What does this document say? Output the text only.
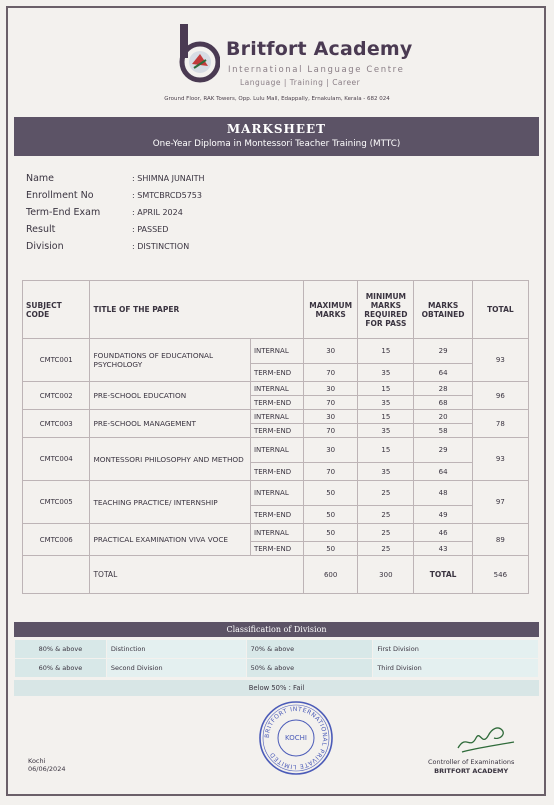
Britfort Academy
International Language Centre
Language | Training | Career
Ground Floor, RAK Towers, Opp. Lulu Mall, Edappally, Ernakulam, Kerala - 682 024
MARKSHEET
One-Year Diploma in Montessori Teacher Training (MTTC)
Name	: SHIMNA JUNAITH
Enrollment No	: SMTCBRCD5753
Term-End Exam	: APRIL 2024
Result	: PASSED
Division	: DISTINCTION
SUBJECT CODE	TITLE OF THE PAPER		MAXIMUM MARKS	MINIMUM MARKS REQUIRED FOR PASS	MARKS OBTAINED	TOTAL
CMTC001	FOUNDATIONS OF EDUCATIONAL PSYCHOLOGY	INTERNAL	30	15	29	93
		TERM-END	70	35	64	
CMTC002	PRE-SCHOOL EDUCATION	INTERNAL	30	15	28	96
		TERM-END	70	35	68	
CMTC003	PRE-SCHOOL MANAGEMENT	INTERNAL	30	15	20	78
		TERM-END	70	35	58	
CMTC004	MONTESSORI PHILOSOPHY AND METHOD	INTERNAL	30	15	29	93
		TERM-END	70	35	64	
CMTC005	TEACHING PRACTICE/ INTERNSHIP	INTERNAL	50	25	48	97
		TERM-END	50	25	49	
CMTC006	PRACTICAL EXAMINATION VIVA VOCE	INTERNAL	50	25	46	89
		TERM-END	50	25	43	
	TOTAL		600	300	TOTAL	546
Classification of Division
80% & above	Distinction	70% & above	First Division
60% & above	Second Division	50% & above	Third Division
Below 50% : Fail
BRITFORT INTERNATIONAL PRIVATE LIMITED
KOCHI
Kochi
06/06/2024
Controller of Examinations
BRITFORT ACADEMY
